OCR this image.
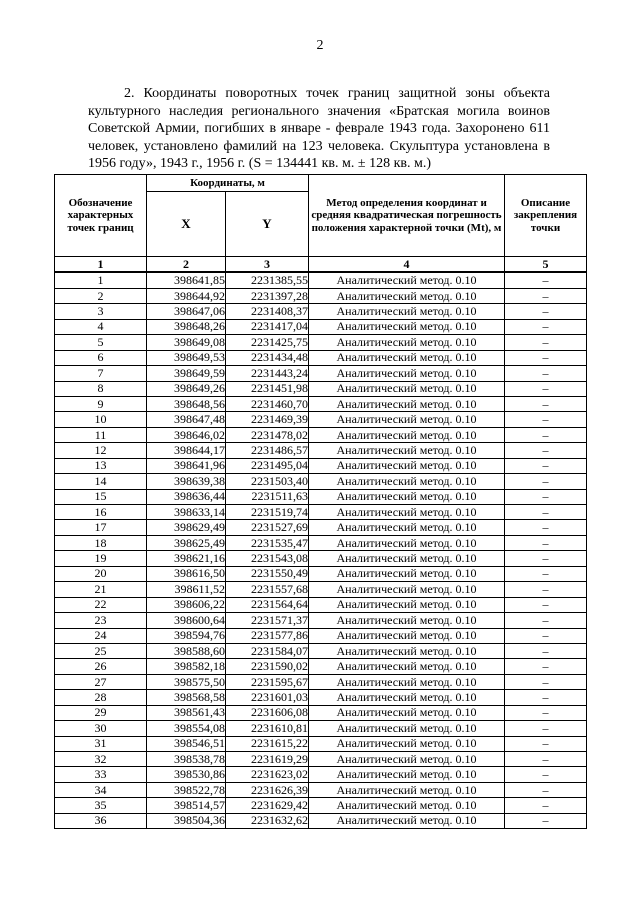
2

2. Координаты поворотных точек границ защитной зоны объекта культурного наследия регионального значения «Братская могила воинов Советской Армии, погибших в январе - феврале 1943 года. Захоронено 611 человек, установлено фамилий на 123 человека. Скульптура установлена в 1956 году», 1943 г., 1956 г. (S = 134441 кв. м. ± 128 кв. м.)

Обозначение характерных точек границ	Координаты, м		Метод определения координат и средняя квадратическая погрешность положения характерной точки (Mt), м	Описание закрепления точки
	X	Y		
1	2	3	4	5
1	398641,85	2231385,55	Аналитический метод. 0.10	–
2	398644,92	2231397,28	Аналитический метод. 0.10	–
3	398647,06	2231408,37	Аналитический метод. 0.10	–
4	398648,26	2231417,04	Аналитический метод. 0.10	–
5	398649,08	2231425,75	Аналитический метод. 0.10	–
6	398649,53	2231434,48	Аналитический метод. 0.10	–
7	398649,59	2231443,24	Аналитический метод. 0.10	–
8	398649,26	2231451,98	Аналитический метод. 0.10	–
9	398648,56	2231460,70	Аналитический метод. 0.10	–
10	398647,48	2231469,39	Аналитический метод. 0.10	–
11	398646,02	2231478,02	Аналитический метод. 0.10	–
12	398644,17	2231486,57	Аналитический метод. 0.10	–
13	398641,96	2231495,04	Аналитический метод. 0.10	–
14	398639,38	2231503,40	Аналитический метод. 0.10	–
15	398636,44	2231511,63	Аналитический метод. 0.10	–
16	398633,14	2231519,74	Аналитический метод. 0.10	–
17	398629,49	2231527,69	Аналитический метод. 0.10	–
18	398625,49	2231535,47	Аналитический метод. 0.10	–
19	398621,16	2231543,08	Аналитический метод. 0.10	–
20	398616,50	2231550,49	Аналитический метод. 0.10	–
21	398611,52	2231557,68	Аналитический метод. 0.10	–
22	398606,22	2231564,64	Аналитический метод. 0.10	–
23	398600,64	2231571,37	Аналитический метод. 0.10	–
24	398594,76	2231577,86	Аналитический метод. 0.10	–
25	398588,60	2231584,07	Аналитический метод. 0.10	–
26	398582,18	2231590,02	Аналитический метод. 0.10	–
27	398575,50	2231595,67	Аналитический метод. 0.10	–
28	398568,58	2231601,03	Аналитический метод. 0.10	–
29	398561,43	2231606,08	Аналитический метод. 0.10	–
30	398554,08	2231610,81	Аналитический метод. 0.10	–
31	398546,51	2231615,22	Аналитический метод. 0.10	–
32	398538,78	2231619,29	Аналитический метод. 0.10	–
33	398530,86	2231623,02	Аналитический метод. 0.10	–
34	398522,78	2231626,39	Аналитический метод. 0.10	–
35	398514,57	2231629,42	Аналитический метод. 0.10	–
36	398504,36	2231632,62	Аналитический метод. 0.10	–
